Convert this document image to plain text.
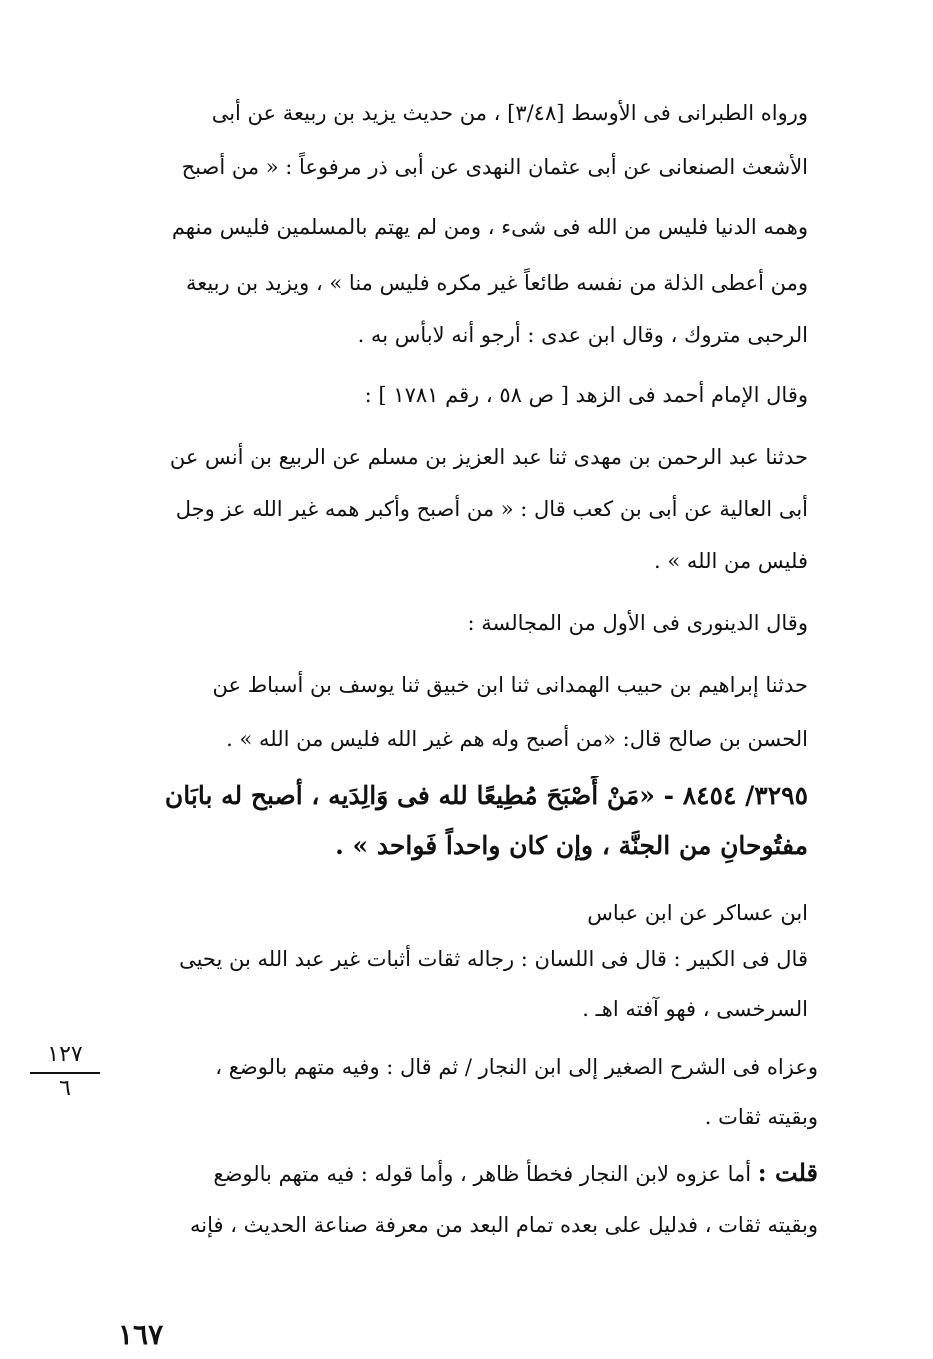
ورواه الطبرانى فى الأوسط [٣/٤٨] ، من حديث يزيد بن ربيعة عن أبى
الأشعث الصنعانى عن أبى عثمان النهدى عن أبى ذر مرفوعاً : « من أصبح
وهمه الدنيا فليس من الله فى شىء ، ومن لم يهتم بالمسلمين فليس منهم
ومن أعطى الذلة من نفسه طائعاً غير مكره فليس منا » ، ويزيد بن ربيعة
الرحبى متروك ، وقال ابن عدى : أرجو أنه لابأس به .
وقال الإمام أحمد فى الزهد [ ص ٥٨ ، رقم ١٧٨١ ] :
حدثنا عبد الرحمن بن مهدى ثنا عبد العزيز بن مسلم عن الربيع بن أنس عن
أبى العالية عن أبى بن كعب قال : « من أصبح وأكبر همه غير الله عز وجل
فليس من الله » .
وقال الدينورى فى الأول من المجالسة :
حدثنا إبراهيم بن حبيب الهمدانى ثنا ابن خبيق ثنا يوسف بن أسباط عن
الحسن بن صالح قال: «من أصبح وله هم غير الله فليس من الله » .
٣٢٩٥/ ٨٤٥٤ - «مَنْ أَصْبَحَ مُطِيعًا لله فى وَالِدَيه ، أصبح له بابَان
مفتُوحانِ من الجنَّة ، وإن كان واحداً فَواحد » .
ابن عساكر عن ابن عباس
قال فى الكبير : قال فى اللسان : رجاله ثقات أثبات غير عبد الله بن يحيى
السرخسى ، فهو آفته اهـ .
وعزاه فى الشرح الصغير إلى ابن النجار / ثم قال : وفيه متهم بالوضع ،
وبقيته ثقات .
قلت : أما عزوه لابن النجار فخطأ ظاهر ، وأما قوله : فيه متهم بالوضع
وبقيته ثقات ، فدليل على بعده تمام البعد من معرفة صناعة الحديث ، فإنه
١٢٧
٦
١٦٧
